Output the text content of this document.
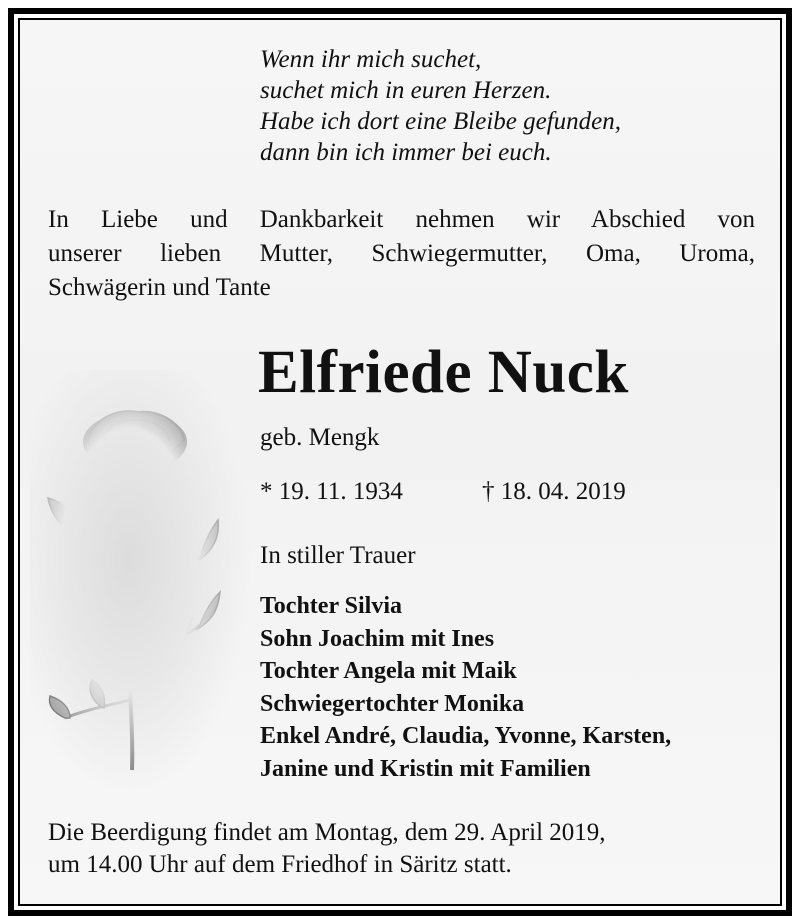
Wenn ihr mich suchet,
suchet mich in euren Herzen.
Habe ich dort eine Bleibe gefunden,
dann bin ich immer bei euch.
In Liebe und Dankbarkeit nehmen wir Abschied von
unserer lieben Mutter, Schwiegermutter, Oma, Uroma,
Schwägerin und Tante
Elfriede Nuck
geb. Mengk
* 19. 11. 1934	† 18. 04. 2019
In stiller Trauer
Tochter Silvia
Sohn Joachim mit Ines
Tochter Angela mit Maik
Schwiegertochter Monika
Enkel André, Claudia, Yvonne, Karsten,
Janine und Kristin mit Familien
Die Beerdigung findet am Montag, dem 29. April 2019,
um 14.00 Uhr auf dem Friedhof in Säritz statt.
